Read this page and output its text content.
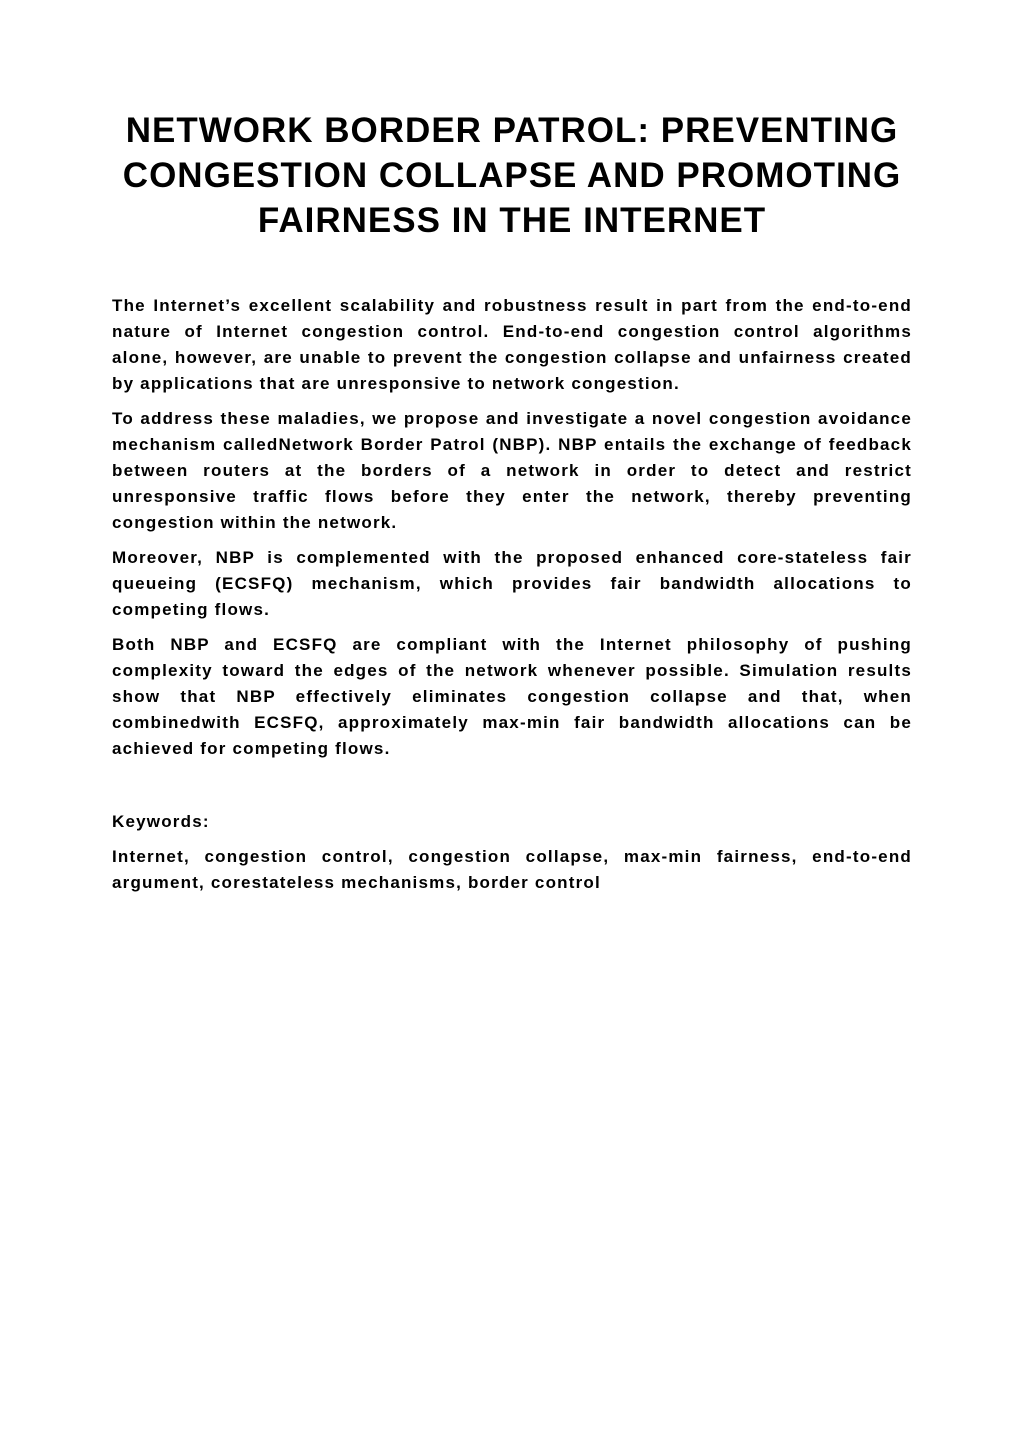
NETWORK BORDER PATROL: PREVENTING CONGESTION COLLAPSE AND PROMOTING FAIRNESS IN THE INTERNET

The Internet’s excellent scalability and robustness result in part from the end-to-end nature of Internet congestion control. End-to-end congestion control algorithms alone, however, are unable to prevent the congestion collapse and unfairness created by applications that are unresponsive to network congestion.

To address these maladies, we propose and investigate a novel congestion avoidance mechanism calledNetwork Border Patrol (NBP). NBP entails the exchange of feedback between routers at the borders of a network in order to detect and restrict unresponsive traffic flows before they enter the network, thereby preventing congestion within the network.

Moreover, NBP is complemented with the proposed enhanced core-stateless fair queueing (ECSFQ) mechanism, which provides fair bandwidth allocations to competing flows.

Both NBP and ECSFQ are compliant with the Internet philosophy of pushing complexity toward the edges of the network whenever possible. Simulation results show that NBP effectively eliminates congestion collapse and that, when combinedwith ECSFQ, approximately max-min fair bandwidth allocations can be achieved for competing flows.

Keywords:

Internet, congestion control, congestion collapse, max-min fairness, end-to-end argument, corestateless mechanisms, border control
